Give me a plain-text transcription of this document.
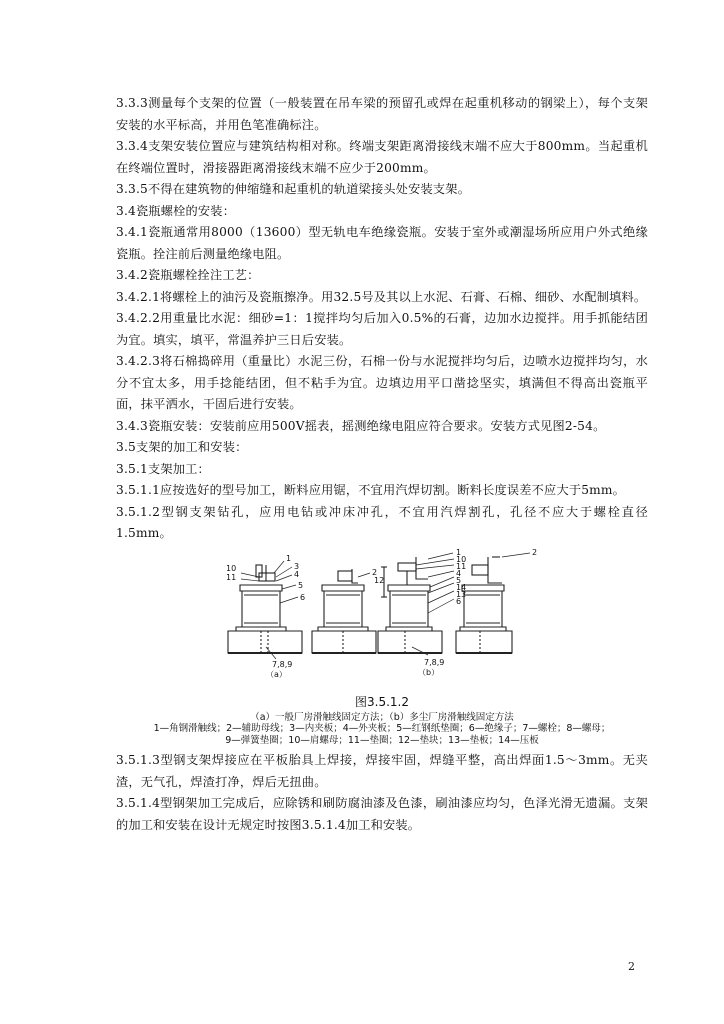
3.3.3测量每个支架的位置（一般装置在吊车梁的预留孔或焊在起重机移动的钢梁上），每个支架安装的水平标高，并用色笔准确标注。

3.3.4支架安装位置应与建筑结构相对称。终端支架距离滑接线末端不应大于800mm。当起重机在终端位置时，滑接器距离滑接线末端不应少于200mm。

3.3.5不得在建筑物的伸缩缝和起重机的轨道梁接头处安装支架。

3.4瓷瓶螺栓的安装：

3.4.1瓷瓶通常用8000（13600）型无轨电车绝缘瓷瓶。安装于室外或潮湿场所应用户外式绝缘瓷瓶。拴注前后测量绝缘电阻。

3.4.2瓷瓶螺栓拴注工艺：

3.4.2.1将螺栓上的油污及瓷瓶擦净。用32.5号及其以上水泥、石膏、石棉、细砂、水配制填料。

3.4.2.2用重量比水泥：细砂=1：1搅拌均匀后加入0.5%的石膏，边加水边搅拌。用手抓能结团为宜。填实，填平，常温养护三日后安装。

3.4.2.3将石棉捣碎用（重量比）水泥三份，石棉一份与水泥搅拌均匀后，边喷水边搅拌均匀，水分不宜太多，用手捻能结团，但不粘手为宜。边填边用平口凿捻坚实，填满但不得高出瓷瓶平面，抹平洒水，干固后进行安装。

3.4.3瓷瓶安装：安装前应用500V摇表，摇测绝缘电阻应符合要求。安装方式见图2-54。

3.5支架的加工和安装：

3.5.1支架加工：

3.5.1.1应按选好的型号加工，断料应用锯，不宜用汽焊切割。断料长度误差不应大于5mm。

3.5.1.2型钢支架钻孔，应用电钻或冲床冲孔，不宜用汽焊割孔，孔径不应大于螺栓直径1.5mm。

10
11
1
3
4
5
6
7,8,9
（a）
2
1
10
11
4
5
14
13
6
12
7,8,9
（b）
2
图3.5.1.2
（a）一般厂房滑触线固定方法；（b）多尘厂房滑触线固定方法
1—角钢滑触线；2—辅助母线；3—内夹板；4—外夹板；5—红钢纸垫圈；6—绝缘子；7—螺栓；8—螺母；
9—弹簧垫圈；10—肩螺母；11—垫圈；12—垫块；13—垫板；14—压板

3.5.1.3型钢支架焊接应在平板胎具上焊接，焊接牢固，焊缝平整，高出焊面1.5～3mm。无夹渣，无气孔，焊渣打净，焊后无扭曲。

3.5.1.4型钢架加工完成后，应除锈和刷防腐油漆及色漆，刷油漆应均匀，色泽光滑无遗漏。支架的加工和安装在设计无规定时按图3.5.1.4加工和安装。

2
